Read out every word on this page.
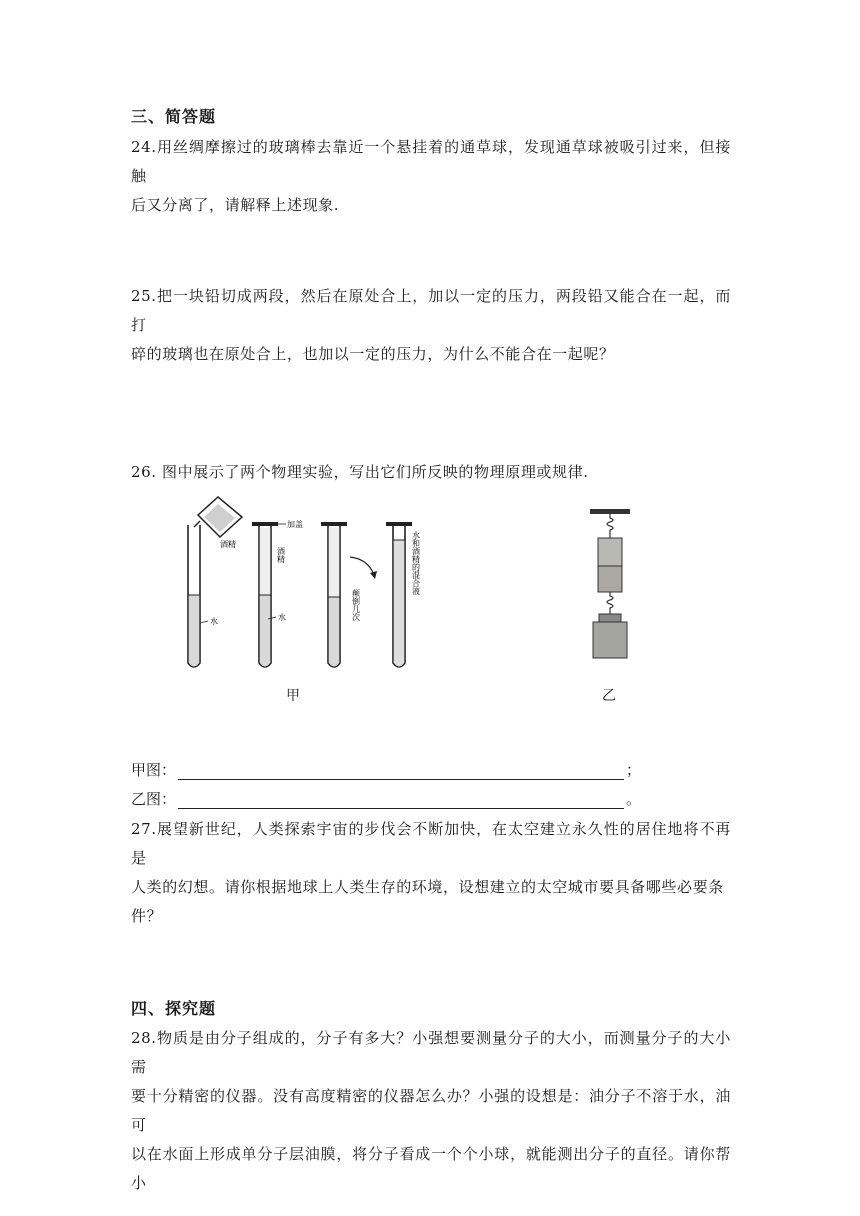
三、简答题

24.用丝绸摩擦过的玻璃棒去靠近一个悬挂着的通草球，发现通草球被吸引过来，但接触

后又分离了，请解释上述现象.

25.把一块铅切成两段，然后在原处合上，加以一定的压力，两段铅又能合在一起，而打

碎的玻璃也在原处合上，也加以一定的压力，为什么不能合在一起呢？

26. 图中展示了两个物理实验，写出它们所反映的物理原理或规律.

酒精
水
加盖
酒精
水	颠倒几次
水和酒精的混合液
甲	乙
甲图：	；
乙图：	。

27.展望新世纪，人类探索宇宙的步伐会不断加快，在太空建立永久性的居住地将不再是

人类的幻想。请你根据地球上人类生存的环境，设想建立的太空城市要具备哪些必要条

件？

四、探究题

28.物质是由分子组成的，分子有多大？小强想要测量分子的大小，而测量分子的大小需

要十分精密的仪器。没有高度精密的仪器怎么办？小强的设想是：油分子不溶于水，油可

以在水面上形成单分子层油膜，将分子看成一个个小球，就能测出分子的直径。请你帮小
